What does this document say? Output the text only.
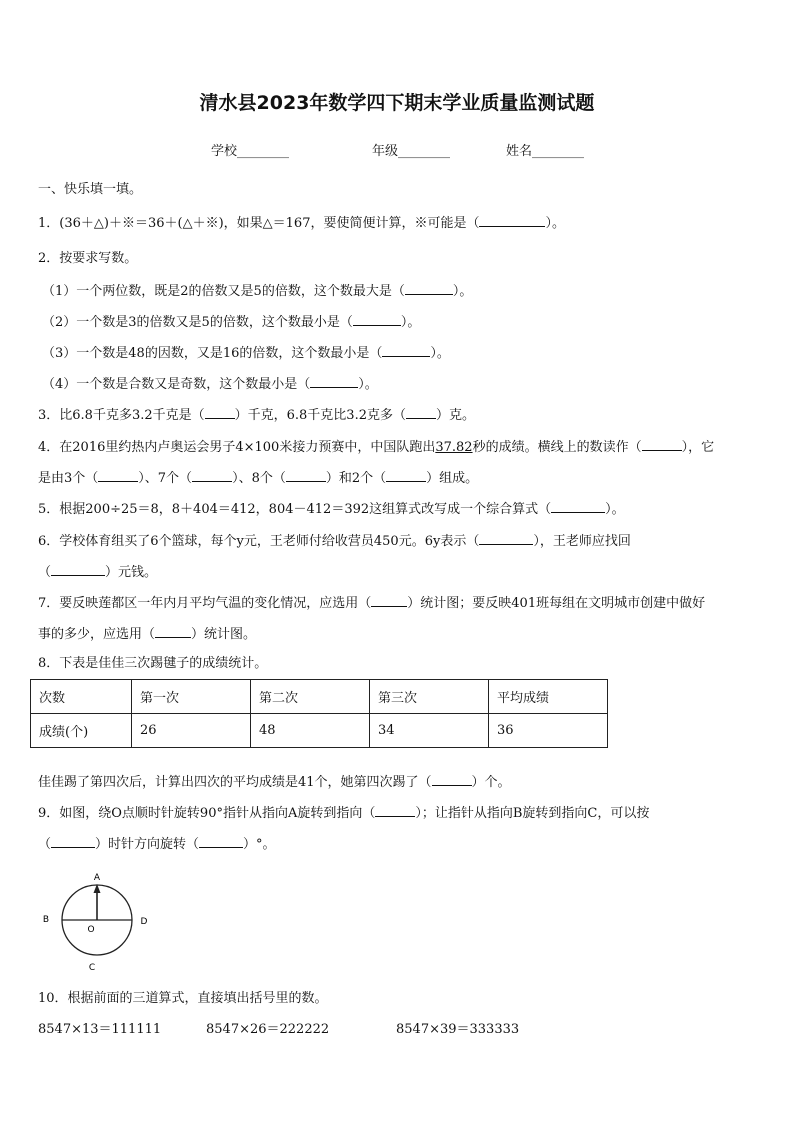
清水县2023年数学四下期末学业质量监测试题
学校________	年级________	姓名________
一、快乐填一填。
1．(36＋△)＋※＝36＋(△＋※)，如果△＝167，要使简便计算，※可能是（	）。
2．按要求写数。
（1）一个两位数，既是2的倍数又是5的倍数，这个数最大是（	）。
（2）一个数是3的倍数又是5的倍数，这个数最小是（	）。
（3）一个数是48的因数，又是16的倍数，这个数最小是（	）。
（4）一个数是合数又是奇数，这个数最小是（	）。
3．比6.8千克多3.2千克是（ ）千克，6.8千克比3.2克多（ ）克。
4．在2016里约热内卢奥运会男子4×100米接力预赛中，中国队跑出37.82秒的成绩。横线上的数读作（	），它
是由3个（	）、7个（	）、8个（	）和2个（	）组成。
5．根据200÷25＝8，8＋404＝412，804－412＝392这组算式改写成一个综合算式（	）。
6．学校体育组买了6个篮球，每个y元，王老师付给收营员450元。6y表示（	），王老师应找回
（	）元钱。
7．要反映莲都区一年内月平均气温的变化情况，应选用（	）统计图；要反映401班每组在文明城市创建中做好
事的多少，应选用（	）统计图。
8．下表是佳佳三次踢毽子的成绩统计。
次数	第一次	第二次	第三次	平均成绩
成绩(个)	26	48	34	36
佳佳踢了第四次后，计算出四次的平均成绩是41个，她第四次踢了（	）个。
9．如图，绕O点顺时针旋转90°指针从指向A旋转到指向（	）；让指针从指向B旋转到指向C，可以按
（	）时针方向旋转（	）°。
A
B	D
O
C
10．根据前面的三道算式，直接填出括号里的数。
8547×13＝111111	8547×26＝222222	8547×39＝333333
